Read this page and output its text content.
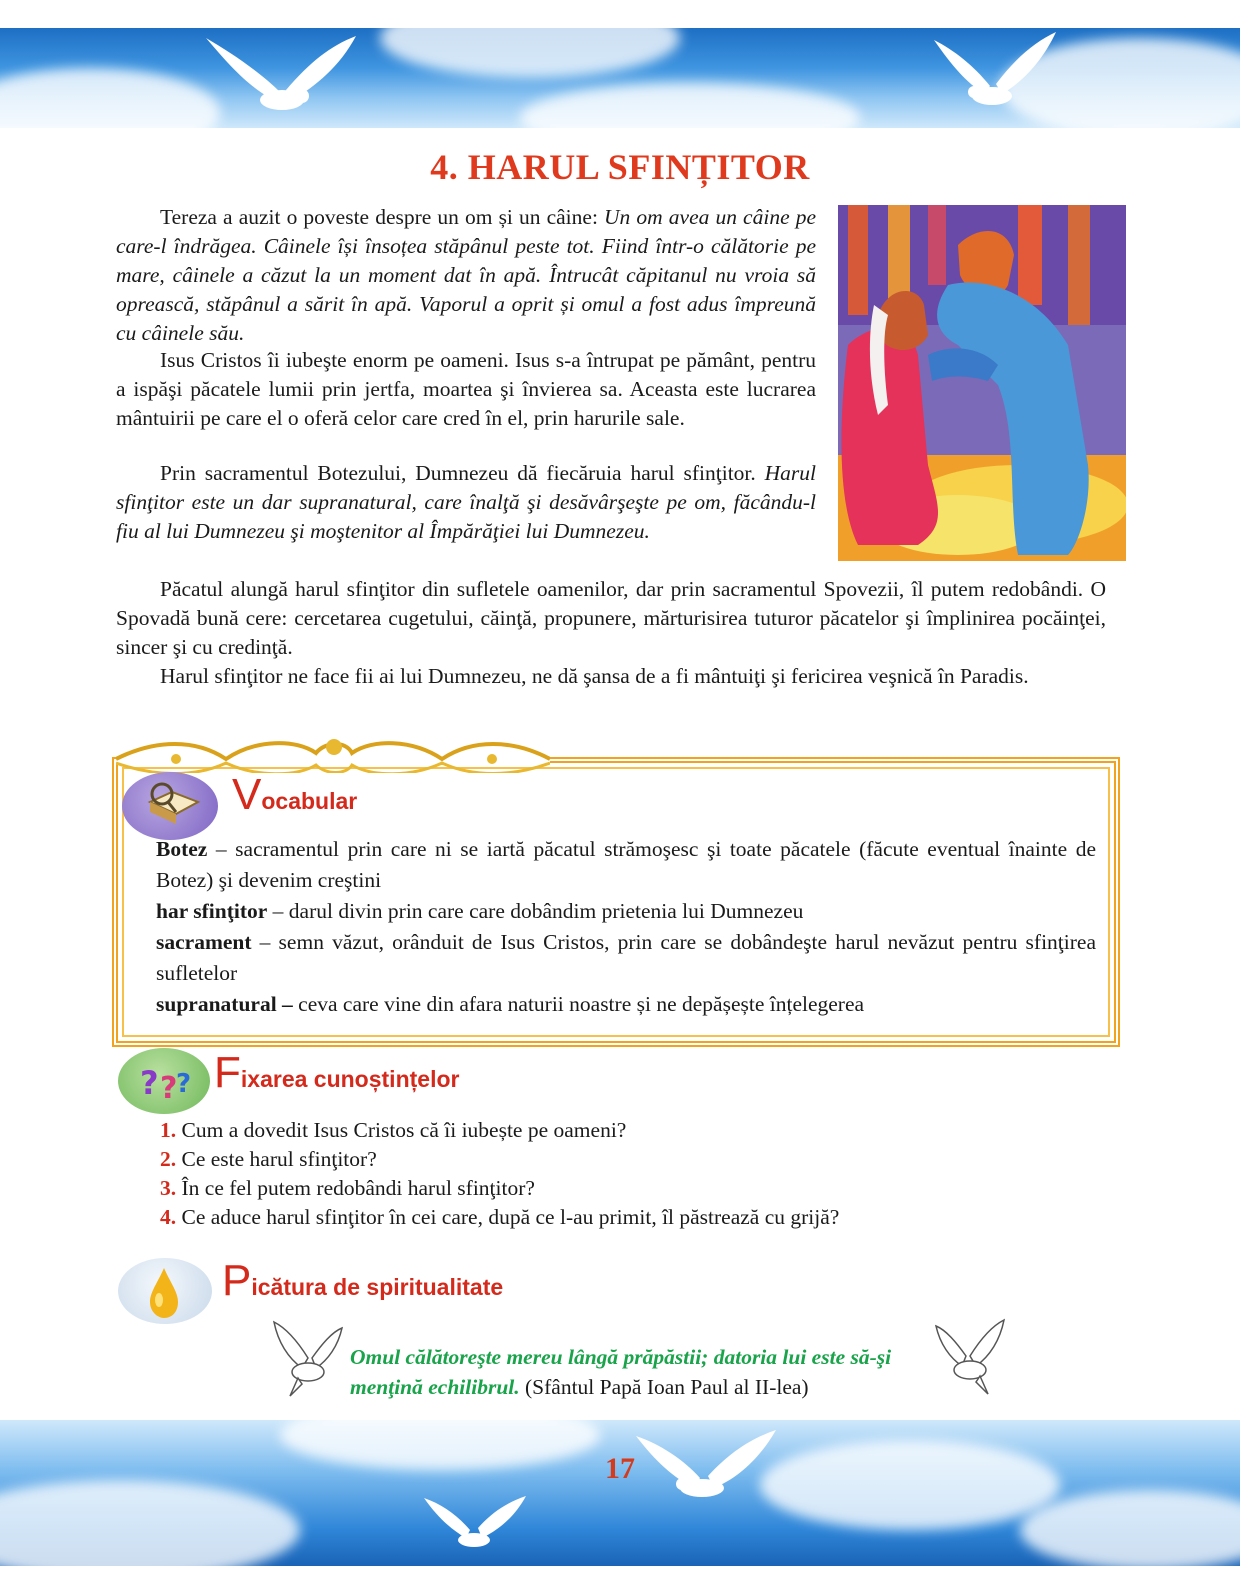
4. HARUL SFINȚITOR

Tereza a auzit o poveste despre un om și un câine: Un om avea un câine pe care-l îndrăgea. Câinele își însoțea stăpânul peste tot. Fiind într-o călătorie pe mare, câinele a căzut la un moment dat în apă. Întrucât căpitanul nu vroia să oprească, stăpânul a sărit în apă. Vaporul a oprit și omul a fost adus împreună cu câinele său.

Isus Cristos îi iubeşte enorm pe oameni. Isus s-a întrupat pe pământ, pentru a ispăşi păcatele lumii prin jertfa, moartea şi învierea sa. Aceasta este lucrarea mântuirii pe care el o oferă celor care cred în el, prin harurile sale.

Prin sacramentul Botezului, Dumnezeu dă fiecăruia harul sfinţitor. Harul sfinţitor este un dar supranatural, care înalţă şi desăvârşeşte pe om, făcându-l fiu al lui Dumnezeu şi moştenitor al Împărăţiei lui Dumnezeu.

Păcatul alungă harul sfinţitor din sufletele oamenilor, dar prin sacramentul Spovezii, îl putem redobândi. O Spovadă bună cere: cercetarea cugetului, căinţă, propunere, mărturisirea tuturor păcatelor şi împlinirea pocăinţei, sincer şi cu credinţă.

Harul sfinţitor ne face fii ai lui Dumnezeu, ne dă şansa de a fi mântuiţi şi fericirea veşnică în Paradis.

Vocabular
Botez – sacramentul prin care ni se iartă păcatul strămoşesc şi toate păcatele (făcute eventual înainte de Botez) şi devenim creştini
har sfinţitor – darul divin prin care care dobândim prietenia lui Dumnezeu
sacrament – semn văzut, orânduit de Isus Cristos, prin care se dobândeşte harul nevăzut pentru sfinţirea sufletelor
supranatural – ceva care vine din afara naturii noastre și ne depășește înțelegerea
? ?
? Fixarea cunoștințelor
1. Cum a dovedit Isus Cristos că îi iubește pe oameni?
2. Ce este harul sfinţitor?
3. În ce fel putem redobândi harul sfinţitor?
4. Ce aduce harul sfinţitor în cei care, după ce l-au primit, îl păstrează cu grijă?
Picătura de spiritualitate
Omul călătoreşte mereu lângă prăpăstii; datoria lui este să-şi menţină echilibrul. (Sfântul Papă Ioan Paul al II-lea)
17
